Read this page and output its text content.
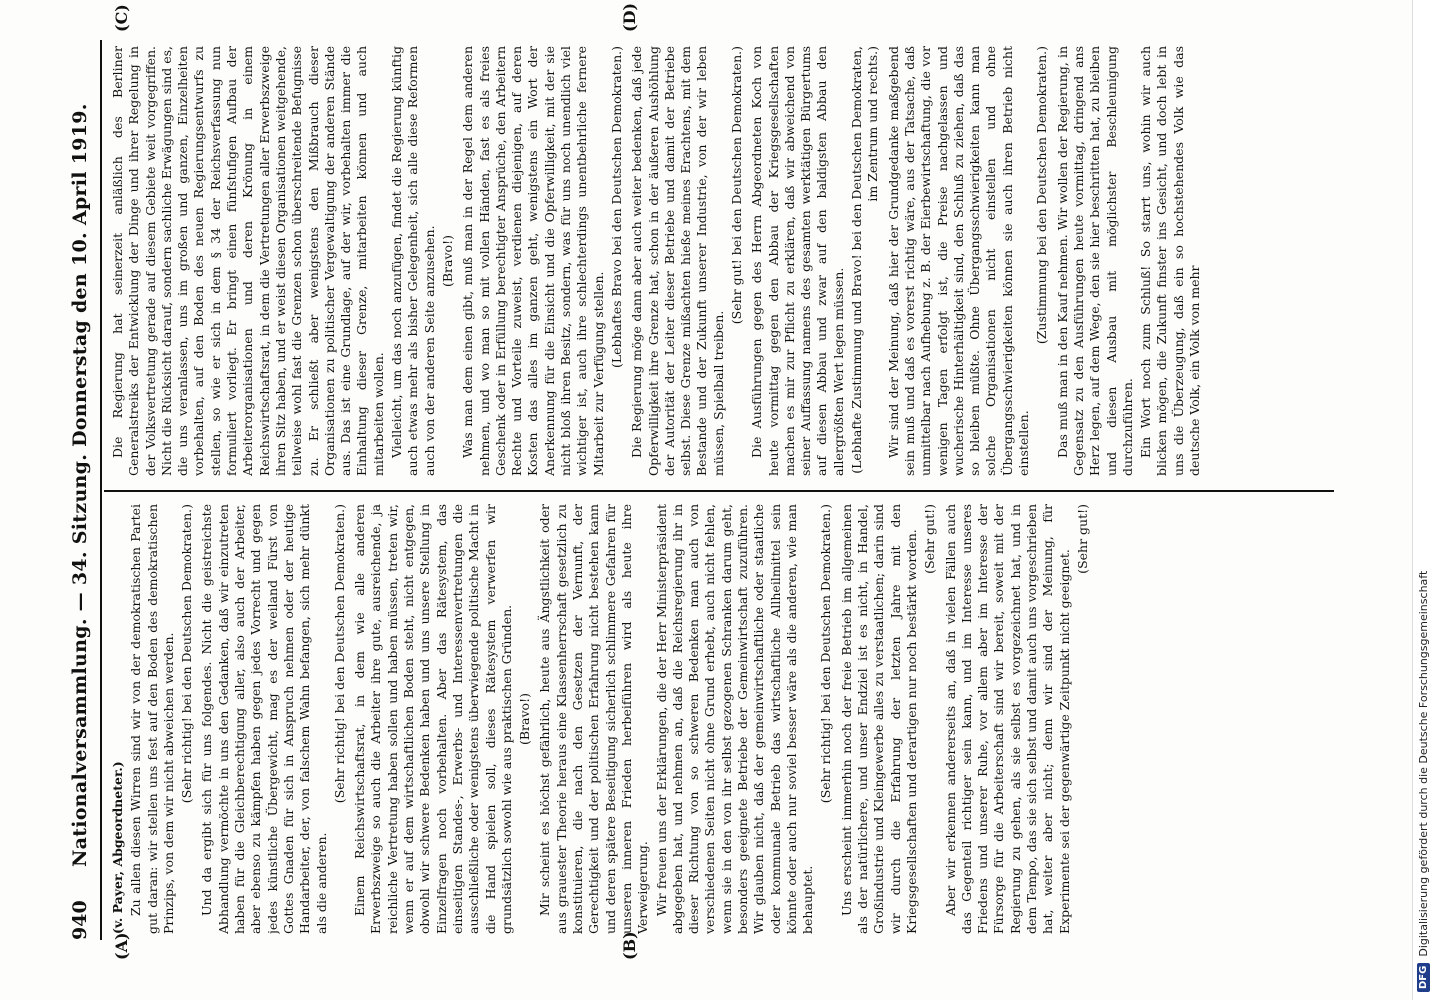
940
Nationalversammlung. — 34. Sitzung. Donnerstag den 10. April 1919.
(A)	(B)
(C)	(D)

(v. Payer, Abgeordneter.) Zu allen diesen Wirren sind wir von der demokratischen Partei gut daran: wir stellen uns fest auf den Boden des demokratischen Prinzips, von dem wir nicht abweichen werden. (Sehr richtig! bei den Deutschen Demokraten.) Und da ergibt sich für uns folgendes. Nicht die geistreichste Abhandlung vermöchte in uns den Gedanken, daß wir einzutreten haben für die Gleichberechtigung aller, also auch der Arbeiter, aber ebenso zu kämpfen haben gegen jedes Vorrecht und gegen jedes künstliche Übergewicht, mag es der weiland Fürst von Gottes Gnaden für sich in Anspruch nehmen oder der heutige Handarbeiter, der, von falschem Wahn befangen, sich mehr dünkt als die anderen.

(Sehr richtig! bei den Deutschen Demokraten.) Einem Reichswirtschaftsrat, in dem wie alle anderen Erwerbszweige so auch die Arbeiter ihre gute, ausreichende, ja reichliche Vertretung haben sollen und haben müssen, treten wir, wenn er auf dem wirtschaftlichen Boden steht, nicht entgegen, obwohl wir schwere Bedenken haben und uns unsere Stellung in Einzelfragen noch vorbehalten. Aber das Rätesystem, das einseitigen Standes-, Erwerbs- und Interessenvertretungen die ausschließliche oder wenigstens überwiegende politische Macht in die Hand spielen soll, dieses Rätesystem verwerfen wir grundsätzlich sowohl wie aus praktischen Gründen. (Bravo!) Mir scheint es höchst gefährlich, heute aus Ängstlichkeit oder aus grauester Theorie heraus eine Klassenherrschaft gesetzlich zu konstituieren, die nach den Gesetzen der Vernunft, der Gerechtigkeit und der politischen Erfahrung nicht bestehen kann und deren spätere Beseitigung sicherlich schlimmere Gefahren für unseren inneren Frieden herbeiführen wird als heute ihre Verweigerung. Wir freuen uns der Erklärungen, die der Herr Ministerpräsident abgegeben hat, und nehmen an, daß die Reichsregierung ihr in dieser Richtung von so schweren Bedenken man auch von verschiedenen Seiten nicht ohne Grund erhebt, auch nicht fehlen, wenn sie in den von ihr selbst gezogenen Schranken darum geht, besonders geeignete Betriebe der Gemeinwirtschaft zuzuführen. Wir glauben nicht, daß der gemeinwirtschaftliche oder staatliche oder kommunale Betrieb das wirtschaftliche Allheilmittel sein könnte oder auch nur soviel besser wäre als die anderen, wie man behauptet.

(Sehr richtig! bei den Deutschen Demokraten.) Uns erscheint immerhin noch der freie Betrieb im allgemeinen als der natürlichere, und unser Endziel ist es nicht, in Handel, Großindustrie und Kleingewerbe alles zu verstaatlichen; darin sind wir durch die Erfahrung der letzten Jahre mit den Kriegsgesellschaften und derartigen nur noch bestärkt worden. (Sehr gut!) Aber wir erkennen andererseits an, daß in vielen Fällen auch das Gegenteil richtiger sein kann, und im Interesse unseres Friedens und unserer Ruhe, vor allem aber im Interesse der Fürsorge für die Arbeiterschaft sind wir bereit, soweit mit der Regierung zu gehen, als sie selbst es vorgezeichnet hat, und in dem Tempo, das sie sich selbst und damit auch uns vorgeschrieben hat, weiter aber nicht; denn wir sind der Meinung, für Experimente sei der gegenwärtige Zeitpunkt nicht geeignet.

(Sehr gut!)

Die Regierung hat seinerzeit anläßlich des Berliner Generalstreiks der Entwicklung der Dinge und ihrer Regelung in der Volksvertretung gerade auf diesem Gebiete weit vorgegriffen. Nicht die Rücksicht darauf, sondern sachliche Erwägungen sind es, die uns veranlassen, uns im großen und ganzen, Einzelheiten vorbehalten, auf den Boden des neuen Regierungsentwurfs zu stellen, so wie er sich in dem § 34 der Reichsverfassung nun formuliert vorliegt. Er bringt einen fünfstufigen Aufbau der Arbeiterorganisationen und deren Krönung in einem Reichswirtschaftsrat, in dem die Vertretungen aller Erwerbszweige ihren Sitz haben, und er weist diesen Organisationen weitgehende, teilweise wohl fast die Grenzen schon überschreitende Befugnisse zu. Er schließt aber wenigstens den Mißbrauch dieser Organisationen zu politischer Vergewaltigung der anderen Stände aus. Das ist eine Grundlage, auf der wir, vorbehalten immer die Einhaltung dieser Grenze, mitarbeiten können und auch mitarbeiten wollen. Vielleicht, um das noch anzufügen, findet die Regierung künftig auch etwas mehr als bisher Gelegenheit, sich alle diese Reformen auch von der anderen Seite anzusehen. (Bravo!) Was man dem einen gibt, muß man in der Regel dem anderen nehmen, und wo man so mit vollen Händen, fast es als freies Geschenk oder in Erfüllung berechtigter Ansprüche, den Arbeitern Rechte und Vorteile zuweist, verdienen diejenigen, auf deren Kosten das alles im ganzen geht, wenigstens ein Wort der Anerkennung für die Einsicht und die Opferwilligkeit, mit der sie nicht bloß ihren Besitz, sondern, was für uns noch unendlich viel wichtiger ist, auch ihre schlechterdings unentbehrliche fernere Mitarbeit zur Verfügung stellen.

(Lebhaftes Bravo bei den Deutschen Demokraten.) Die Regierung möge dann aber auch weiter bedenken, daß jede Opferwilligkeit ihre Grenze hat, schon in der äußeren Aushöhlung der Autorität der Leiter dieser Betriebe und damit der Betriebe selbst. Diese Grenze mißachten hieße meines Erachtens, mit dem Bestande und der Zukunft unserer Industrie, von der wir leben müssen, Spielball treiben.

(Sehr gut! bei den Deutschen Demokraten.) Die Ausführungen gegen des Herrn Abgeordneten Koch von heute vormittag gegen den Abbau der Kriegsgesellschaften machen es mir zur Pflicht zu erklären, daß wir abweichend von seiner Auffassung namens des gesamten werktätigen Bürgertums auf diesen Abbau und zwar auf den baldigsten Abbau den allergrößten Wert legen müssen. (Lebhafte Zustimmung und Bravo! bei den Deutschen Demokraten, im Zentrum und rechts.) Wir sind der Meinung, daß hier der Grundgedanke maßgebend sein muß und daß es vorerst richtig wäre, aus der Tatsache, daß unmittelbar nach Aufhebung z. B. der Eierbewirtschaftung, die vor wenigen Tagen erfolgt ist, die Preise nachgelassen und wucherische Hinterhältigkeit sind, den Schluß zu ziehen, daß das so bleiben müßte. Ohne Übergangsschwierigkeiten kann man solche Organisationen nicht einstellen und ohne Übergangsschwierigkeiten können sie auch ihren Betrieb nicht einstellen.

(Zustimmung bei den Deutschen Demokraten.) Das muß man in den Kauf nehmen. Wir wollen der Regierung, in Gegensatz zu den Ausführungen heute vormittag, dringend ans Herz legen, auf dem Wege, den sie hier beschritten hat, zu bleiben und diesen Ausbau mit möglichster Beschleunigung durchzuführen. Ein Wort noch zum Schluß! So starrt uns, wohin wir auch blicken mögen, die Zukunft finster ins Gesicht, und doch lebt in uns die Überzeugung, daß ein so hochstehendes Volk wie das deutsche Volk, ein Volk von mehr

DFG
Digitalisierung gefördert durch die Deutsche Forschungsgemeinschaft
